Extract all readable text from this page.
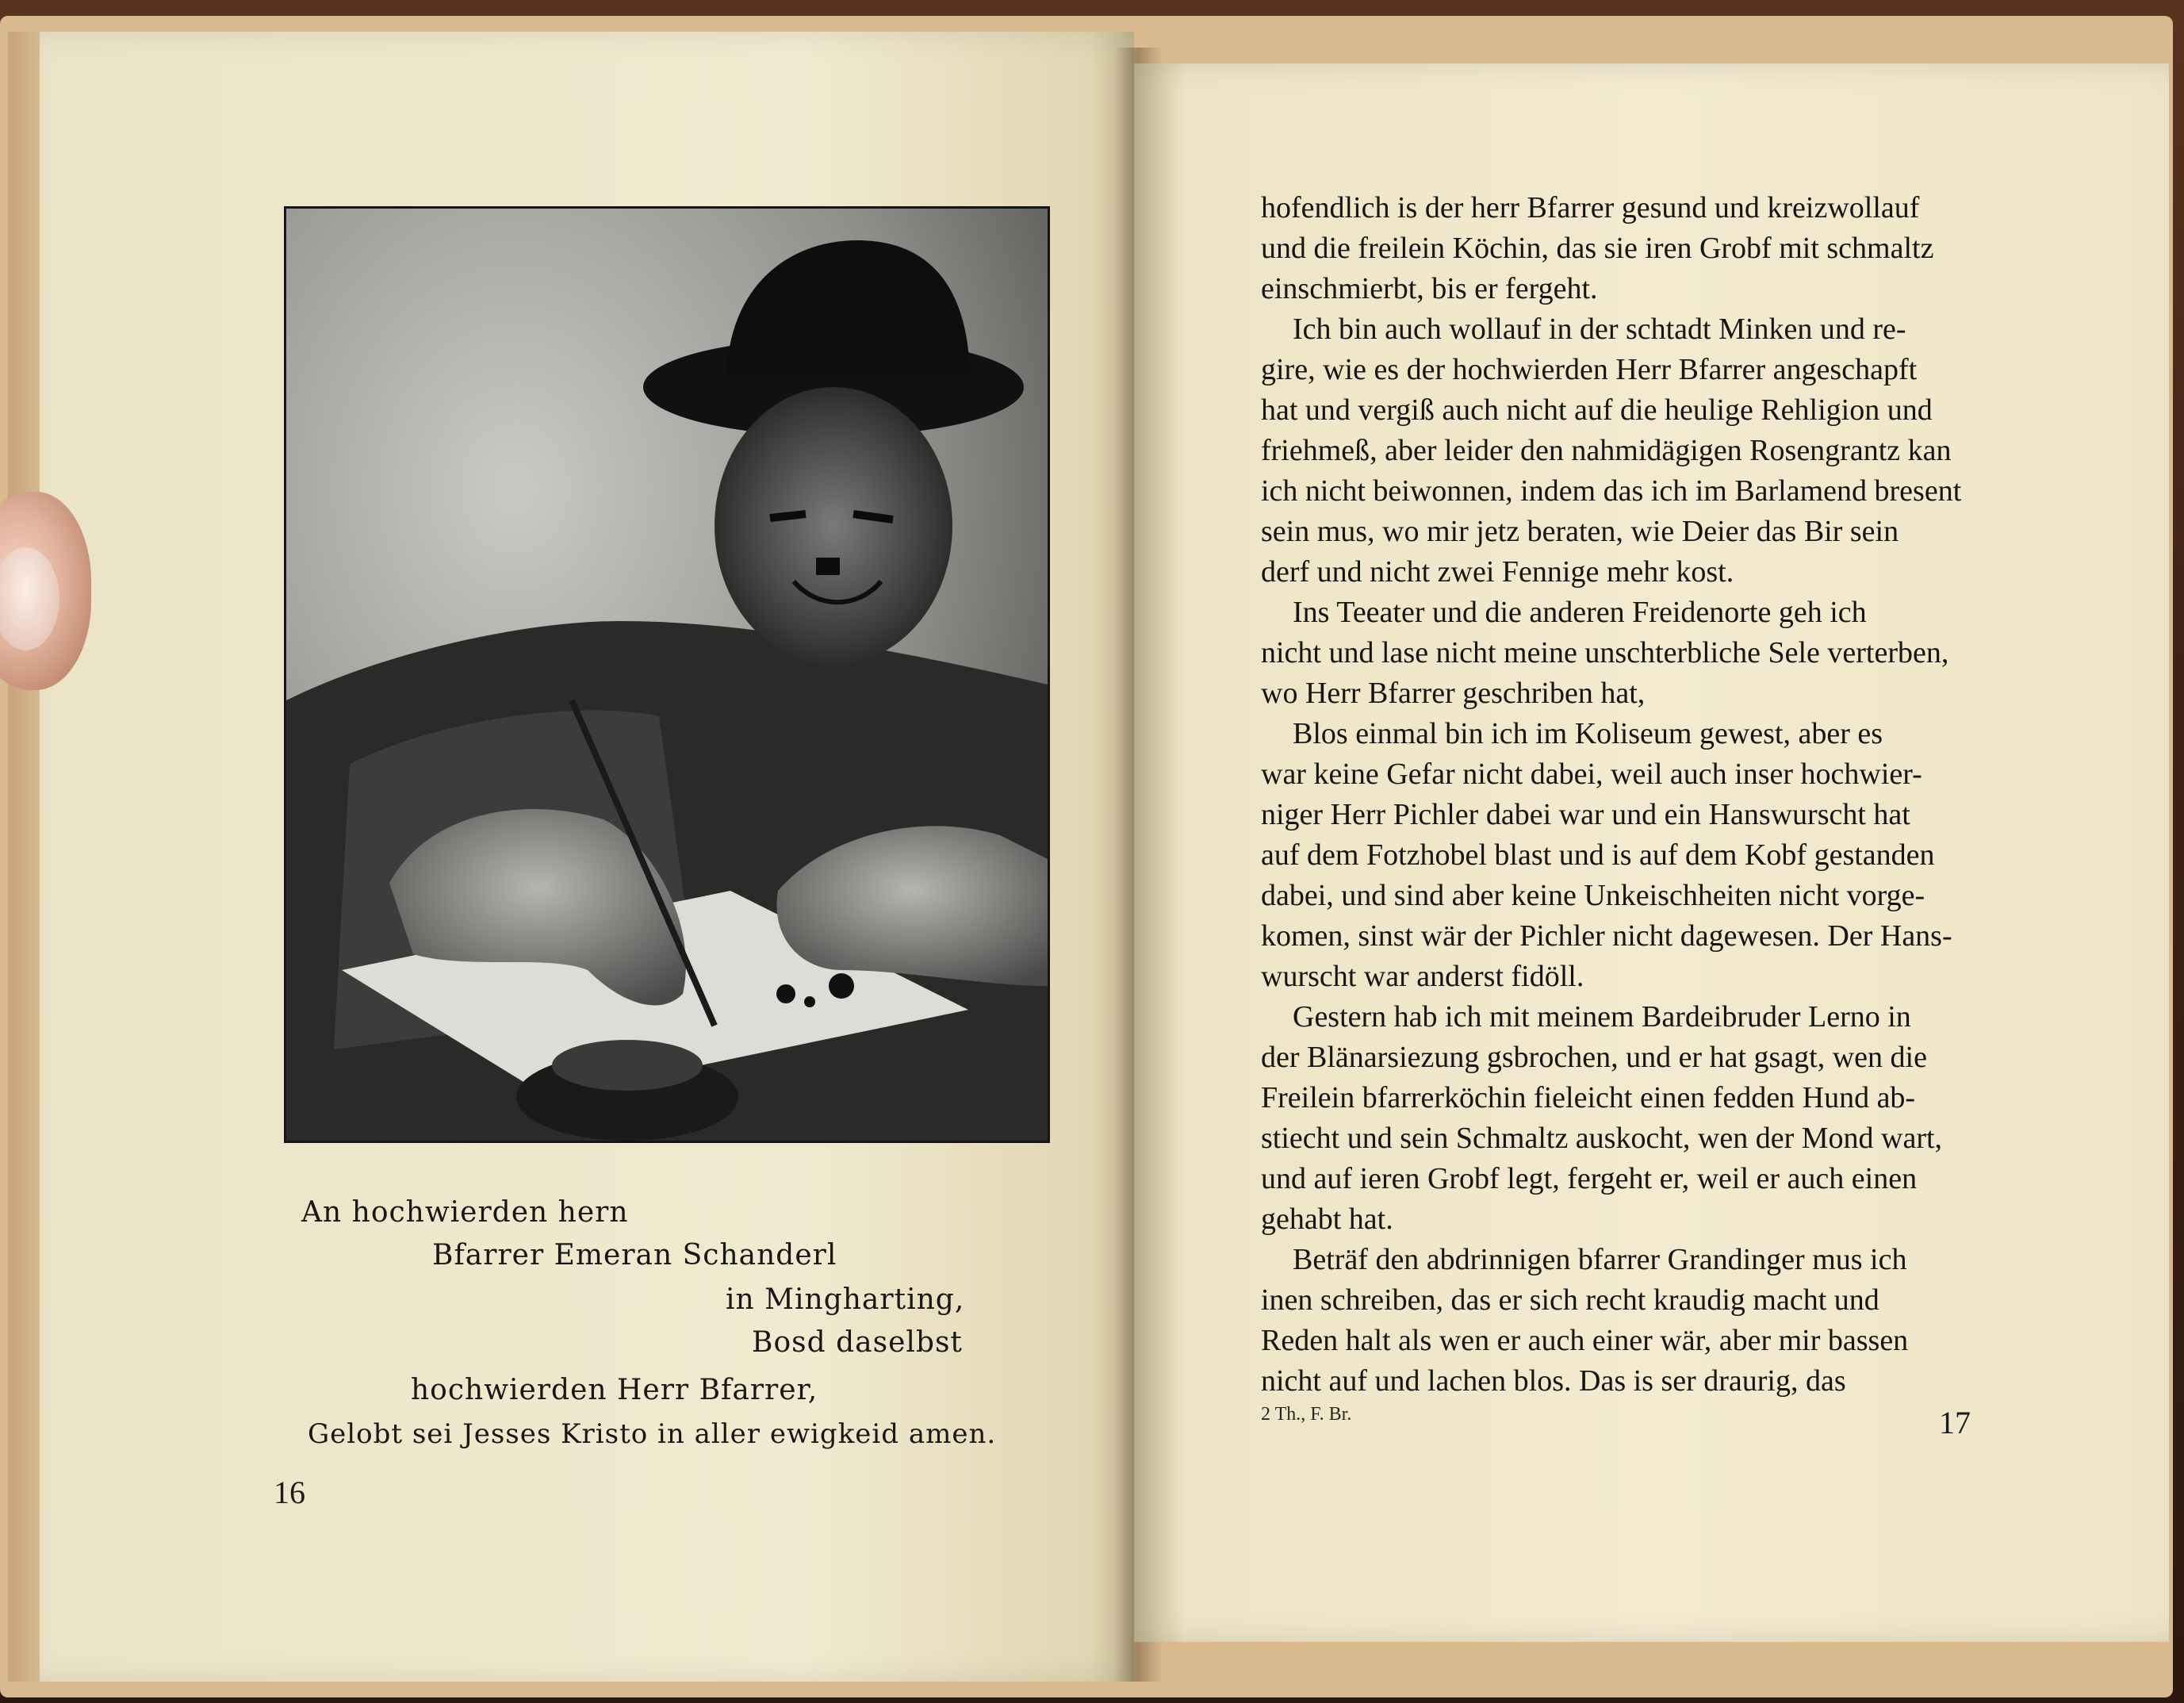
An hochwierden hern
Bfarrer Emeran Schanderl
in Mingharting,
Bosd daselbst
hochwierden Herr Bfarrer,
Gelobt sei Jesses Kristo in aller ewigkeid amen.
16
hofendlich is der herr Bfarrer gesund und kreizwollauf
und die freilein Köchin, das sie iren Grobf mit schmaltz
einschmierbt, bis er fergeht.
Ich bin auch wollauf in der schtadt Minken und re-
gire, wie es der hochwierden Herr Bfarrer angeschapft
hat und vergiß auch nicht auf die heulige Rehligion und
friehmeß, aber leider den nahmidägigen Rosengrantz kan
ich nicht beiwonnen, indem das ich im Barlamend bresent
sein mus, wo mir jetz beraten, wie Deier das Bir sein
derf und nicht zwei Fennige mehr kost.
Ins Teeater und die anderen Freidenorte geh ich
nicht und lase nicht meine unschterbliche Sele verterben,
wo Herr Bfarrer geschriben hat,
Blos einmal bin ich im Koliseum gewest, aber es
war keine Gefar nicht dabei, weil auch inser hochwier-
niger Herr Pichler dabei war und ein Hanswurscht hat
auf dem Fotzhobel blast und is auf dem Kobf gestanden
dabei, und sind aber keine Unkeischheiten nicht vorge-
komen, sinst wär der Pichler nicht dagewesen. Der Hans-
wurscht war anderst fidöll.
Gestern hab ich mit meinem Bardeibruder Lerno in
der Blänarsiezung gsbrochen, und er hat gsagt, wen die
Freilein bfarrerköchin fieleicht einen fedden Hund ab-
stiecht und sein Schmaltz auskocht, wen der Mond wart,
und auf ieren Grobf legt, fergeht er, weil er auch einen
gehabt hat.
Beträf den abdrinnigen bfarrer Grandinger mus ich
inen schreiben, das er sich recht kraudig macht und
Reden halt als wen er auch einer wär, aber mir bassen
nicht auf und lachen blos. Das is ser draurig, das
2 Th., F. Br.	17
